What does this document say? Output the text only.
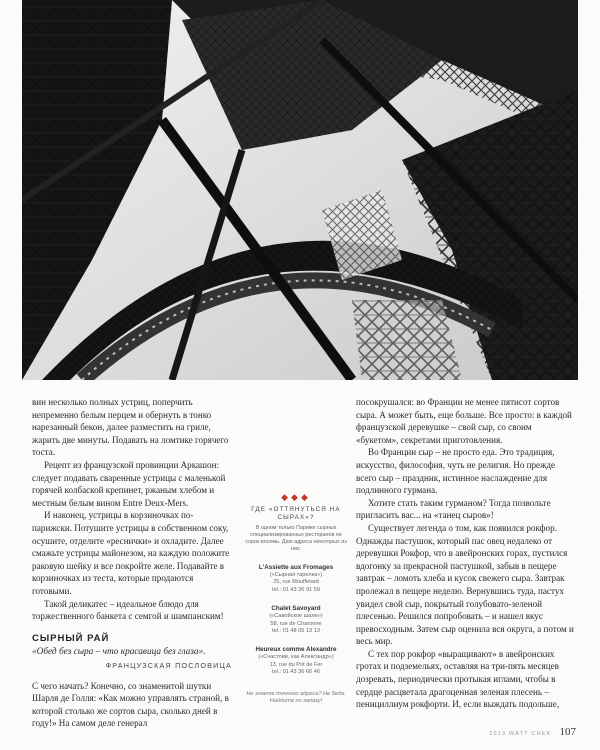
вин несколько полных устриц, поперчить непременно белым перцем и обернуть в тонко нарезанный бекон, далее разместить на гриле, жарить две минуты. Подавать на ломтике горячего тоста.

Рецепт из французской провинции Аркашон: следует подавать сваренные устрицы с маленькой горячей колбаской крепинет, ржаным хлебом и местным белым вином Entre Deux-Mers.

И наконец, устрицы в корзиночках по-парижски. Потушите устрицы в собственном соку, осушите, отделите «реснички» и охладите. Далее смажьте устрицы майонезом, на каждую положите раковую шейку и все покройте желе. Подавайте в корзиночках из теста, которые продаются готовыми.

Такой деликатес – идеальное блюдо для торжественного банкета с семгой и шампанским!

СЫРНЫЙ РАЙ

«Обед без сыра – что красавица без глаза».

ФРАНЦУЗСКАЯ ПОСЛОВИЦА

С чего начать? Конечно, со знаменитой шутки Шарля де Голля: «Как можно управлять страной, в которой столько же сортов сыра, сколько дней в году!» На самом деле генерал

◆◆◆
ГДЕ «ОТТЯНУТЬСЯ НА СЫРАХ»?
В одном только Париже сырных специализированных ресторанов не сорок восемь. Даю адреса некоторых из них.
L'Assiette aux Fromages
(«Сырная тарелка»)
25, rue Mouffetard
tel.: 01 43 36 91 59
Chalet Savoyard
(«Савойское шале»)
58, rue de Charonne
tel.: 01 48 05 13 13
Heureux comme Alexandre
(«Счастлив, как Александр»)
13, rue du Pot de Fer
tel.: 01 43 36 66 46
Не знаете точного адреса? Не беда. Найдите по запаху!

посокрушался: во Франции не менее пятисот сортов сыра. А может быть, еще больше. Все просто: в каждой французской деревушке – свой сыр, со своим «букетом», секретами приготовления.

Во Франции сыр – не просто еда. Это традиция, искусство, философия, чуть не религия. Но прежде всего сыр – праздник, истинное наслаждение для подлинного гурмана.

Хотите стать таким гурманом? Тогда позвольте пригласить вас... на «танец сыров»!

Существует легенда о том, как появился рокфор. Однажды пастушок, который пас овец недалеко от деревушки Рокфор, что в авейронских горах, пустился вдогонку за прекрасной пастушкой, забыв в пещере завтрак – ломоть хлеба и кусок свежего сыра. Завтрак пролежал в пещере неделю. Вернувшись туда, пастух увидел свой сыр, покрытый голубовато-зеленой плесенью. Решился попробовать – и нашел вкус превосходным. Затем сыр оценила вся округа, а потом и весь мир.

С тех пор рокфор «выращивают» в авейронских гротах и подземельях, оставляя на три-пять месяцев дозревать, периодически протыкая иглами, чтобы в сердце расцветала драгоценная зеленая плесень – пенициллиум рокфорти. И, если выждать подольше,

2013 WATT CHEK 107
